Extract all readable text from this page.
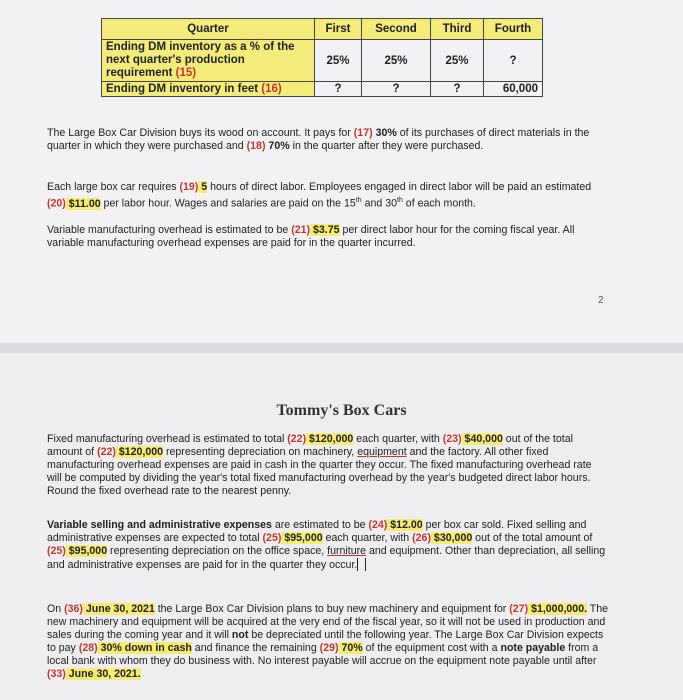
Quarter	First	Second	Third	Fourth
Ending DM inventory as a % of the
next quarter's production
requirement (15)	25%	25%	25%	?
Ending DM inventory in feet (16)	?	?	?	60,000

The Large Box Car Division buys its wood on account. It pays for (17) 30% of its purchases of direct materials in the quarter in which they were purchased and (18) 70% in the quarter after they were purchased.

Each large box car requires (19) 5 hours of direct labor. Employees engaged in direct labor will be paid an estimated (20) $11.00 per labor hour. Wages and salaries are paid on the 15th and 30th of each month.

Variable manufacturing overhead is estimated to be (21) $3.75 per direct labor hour for the coming fiscal year. All variable manufacturing overhead expenses are paid for in the quarter incurred.

2
Tommy's Box Cars

Fixed manufacturing overhead is estimated to total (22) $120,000 each quarter, with (23) $40,000 out of the total amount of (22) $120,000 representing depreciation on machinery, equipment and the factory. All other fixed manufacturing overhead expenses are paid in cash in the quarter they occur. The fixed manufacturing overhead rate will be computed by dividing the year's total fixed manufacturing overhead by the year's budgeted direct labor hours. Round the fixed overhead rate to the nearest penny.

Variable selling and administrative expenses are estimated to be (24) $12.00 per box car sold. Fixed selling and administrative expenses are expected to total (25) $95,000 each quarter, with (26) $30,000 out of the total amount of (25) $95,000 representing depreciation on the office space, furniture and equipment. Other than depreciation, all selling and administrative expenses are paid for in the quarter they occur.

On (36) June 30, 2021 the Large Box Car Division plans to buy new machinery and equipment for (27) $1,000,000. The new machinery and equipment will be acquired at the very end of the fiscal year, so it will not be used in production and sales during the coming year and it will not be depreciated until the following year. The Large Box Car Division expects to pay (28) 30% down in cash and finance the remaining (29) 70% of the equipment cost with a note payable from a local bank with whom they do business with. No interest payable will accrue on the equipment note payable until after (33) June 30, 2021.
